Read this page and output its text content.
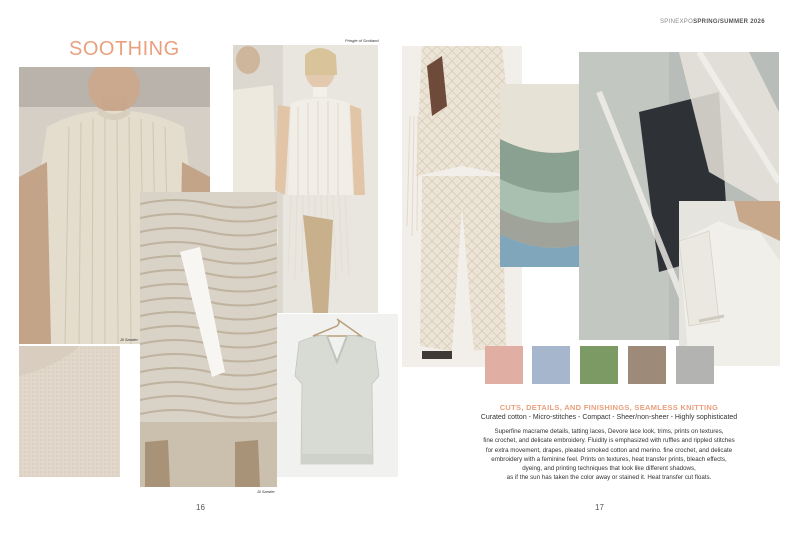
SPINEXPOSPRING/SUMMER 2026
SOOTHING
Jil Sander
Pringle of Scotland
Jil Sander
16
CUTS, DETAILS, AND FINISHINGS, SEAMLESS KNITTING
Curated cotton - Micro-stitches - Compact - Sheer/non-sheer - Highly sophisticated
Superfine macrame details, tatting laces, Devore lace look, trims, prints on textures,
fine crochet, and delicate embroidery. Fluidity is emphasized with ruffles and rippled stitches
for extra movement, drapes, pleated smoked cotton and merino. fine crochet, and delicate
embroidery with a feminine feel. Prints on textures, heat transfer prints, bleach effects,
dyeing, and printing techniques that look like different shadows,
as if the sun has taken the color away or stained it. Heat transfer cut floats.
17
